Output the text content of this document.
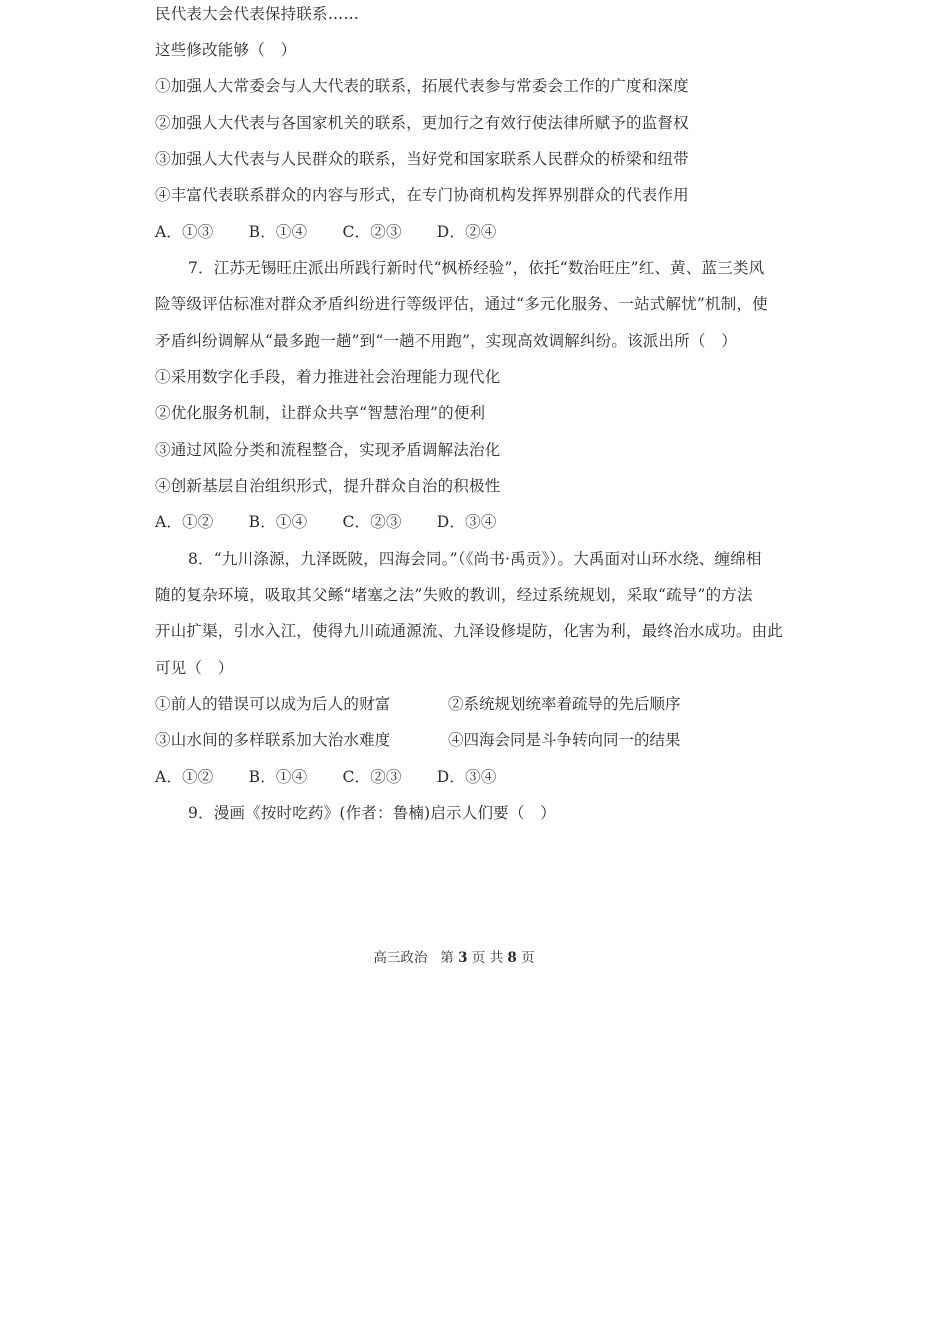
民代表大会代表保持联系……
这些修改能够（　）
①加强人大常委会与人大代表的联系，拓展代表参与常委会工作的广度和深度
②加强人大代表与各国家机关的联系，更加行之有效行使法律所赋予的监督权
③加强人大代表与人民群众的联系，当好党和国家联系人民群众的桥梁和纽带
④丰富代表联系群众的内容与形式，在专门协商机构发挥界别群众的代表作用
A．①③ B．①④ C．②③ D．②④
7．江苏无锡旺庄派出所践行新时代“枫桥经验”，依托“数治旺庄”红、黄、蓝三类风
险等级评估标准对群众矛盾纠纷进行等级评估，通过“多元化服务、一站式解忧”机制，使
矛盾纠纷调解从“最多跑一趟”到“一趟不用跑”，实现高效调解纠纷。该派出所（　）
①采用数字化手段，着力推进社会治理能力现代化
②优化服务机制，让群众共享“智慧治理”的便利
③通过风险分类和流程整合，实现矛盾调解法治化
④创新基层自治组织形式，提升群众自治的积极性
A．①② B．①④ C．②③ D．③④
8．“九川涤源，九泽既陂，四海会同。”（《尚书·禹贡》）。大禹面对山环水绕、缠绵相
随的复杂环境，吸取其父鲧“堵塞之法”失败的教训，经过系统规划，采取“疏导”的方法
开山扩渠，引水入江，使得九川疏通源流、九泽设修堤防，化害为利，最终治水成功。由此
可见（　）
①前人的错误可以成为后人的财富	②系统规划统率着疏导的先后顺序
③山水间的多样联系加大治水难度	④四海会同是斗争转向同一的结果
A．①② B．①④ C．②③ D．③④
9．漫画《按时吃药》(作者：鲁楠)启示人们要（　）
高三政治 第 3 页 共 8 页
